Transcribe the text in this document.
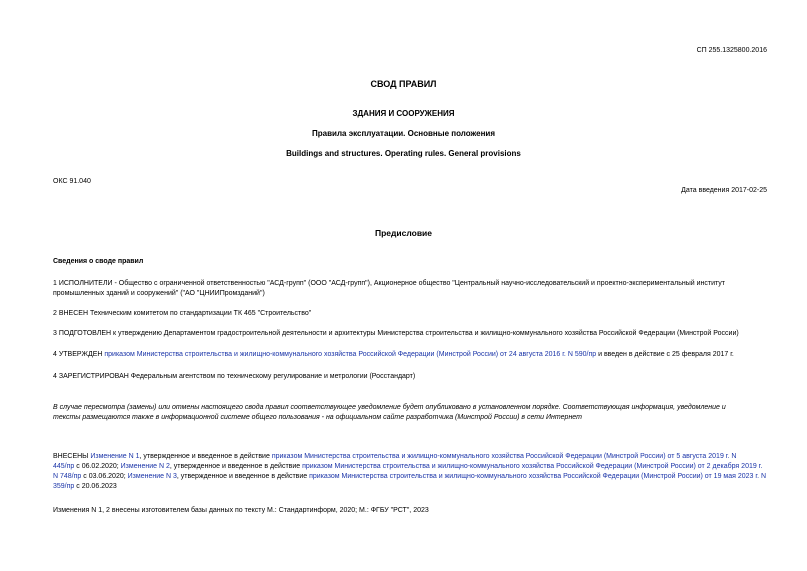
СП 255.1325800.2016
СВОД ПРАВИЛ
ЗДАНИЯ И СООРУЖЕНИЯ
Правила эксплуатации. Основные положения
Buildings and structures. Operating rules. General provisions
ОКС 91.040
Дата введения 2017-02-25
Предисловие
Сведения о своде правил
1 ИСПОЛНИТЕЛИ - Общество с ограниченной ответственностью "АСД-групп" (ООО "АСД-групп"), Акционерное общество "Центральный научно-исследовательский и проектно-экспериментальный институт
промышленных зданий и сооружений" ("АО "ЦНИИПромзданий")
2 ВНЕСЕН Техническим комитетом по стандартизации ТК 465 "Строительство"
3 ПОДГОТОВЛЕН к утверждению Департаментом градостроительной деятельности и архитектуры Министерства строительства и жилищно-коммунального хозяйства Российской Федерации (Минстрой России)
4 УТВЕРЖДЕН приказом Министерства строительства и жилищно-коммунального хозяйства Российской Федерации (Минстрой России) от 24 августа 2016 г. N 590/пр и введен в действие с 25 февраля 2017 г.
4 ЗАРЕГИСТРИРОВАН Федеральным агентством по техническому регулирование и метрологии (Росстандарт)
В случае пересмотра (замены) или отмены настоящего свода правил соответствующее уведомление будет опубликовано в установленном порядке. Соответствующая информация, уведомление и
тексты размещаются также в информационной системе общего пользования - на официальном сайте разработчика (Минстрой России) в сети Интернет
ВНЕСЕНЫ Изменение N 1, утвержденное и введенное в действие приказом Министерства строительства и жилищно-коммунального хозяйства Российской Федерации (Минстрой России) от 5 августа 2019 г. N
445/пр с 06.02.2020; Изменение N 2, утвержденное и введенное в действие приказом Министерства строительства и жилищно-коммунального хозяйства Российской Федерации (Минстрой России) от 2 декабря 2019 г.
N 748/пр с 03.06.2020; Изменение N 3, утвержденное и введенное в действие приказом Министерства строительства и жилищно-коммунального хозяйства Российской Федерации (Минстрой России) от 19 мая 2023 г. N
359/пр с 20.06.2023
Изменения N 1, 2 внесены изготовителем базы данных по тексту М.: Стандартинформ, 2020; М.: ФГБУ "РСТ", 2023
